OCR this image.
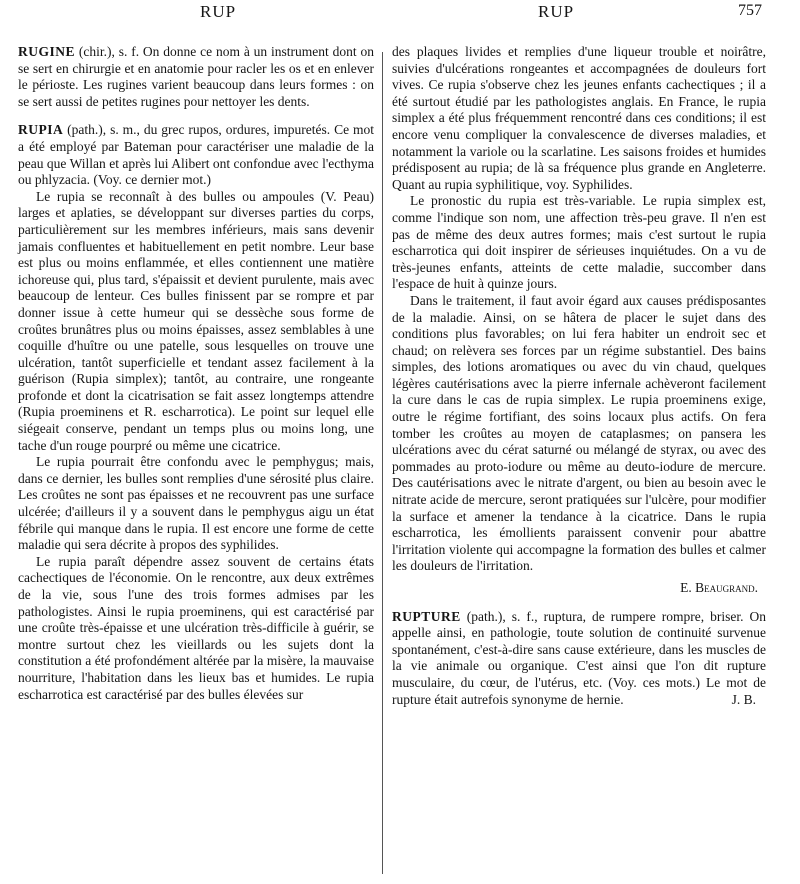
RUP	RUP	757

RUGINE (chir.), s. f. On donne ce nom à un instrument dont on se sert en chirurgie et en anatomie pour racler les os et en enlever le périoste. Les rugines varient beaucoup dans leurs formes : on se sert aussi de petites rugines pour nettoyer les dents.

RUPIA (path.), s. m., du grec rupos, ordures, impuretés. Ce mot a été employé par Bateman pour caractériser une maladie de la peau que Willan et après lui Alibert ont confondue avec l'ecthyma ou phlyzacia. (Voy. ce dernier mot.)

Le rupia se reconnaît à des bulles ou ampoules (V. Peau) larges et aplaties, se développant sur diverses parties du corps, particulièrement sur les membres inférieurs, mais sans devenir jamais confluentes et habituellement en petit nombre. Leur base est plus ou moins enflammée, et elles contiennent une matière ichoreuse qui, plus tard, s'épaissit et devient purulente, mais avec beaucoup de lenteur. Ces bulles finissent par se rompre et par donner issue à cette humeur qui se dessèche sous forme de croûtes brunâtres plus ou moins épaisses, assez semblables à une coquille d'huître ou une patelle, sous lesquelles on trouve une ulcération, tantôt superficielle et tendant assez facilement à la guérison (Rupia simplex); tantôt, au contraire, une rongeante profonde et dont la cicatrisation se fait assez longtemps attendre (Rupia proeminens et R. escharrotica). Le point sur lequel elle siégeait conserve, pendant un temps plus ou moins long, une tache d'un rouge pourpré ou même une cicatrice.

Le rupia pourrait être confondu avec le pemphygus; mais, dans ce dernier, les bulles sont remplies d'une sérosité plus claire. Les croûtes ne sont pas épaisses et ne recouvrent pas une surface ulcérée; d'ailleurs il y a souvent dans le pemphygus aigu un état fébrile qui manque dans le rupia. Il est encore une forme de cette maladie qui sera décrite à propos des syphilides.

Le rupia paraît dépendre assez souvent de certains états cachectiques de l'économie. On le rencontre, aux deux extrêmes de la vie, sous l'une des trois formes admises par les pathologistes. Ainsi le rupia proeminens, qui est caractérisé par une croûte très-épaisse et une ulcération très-difficile à guérir, se montre surtout chez les vieillards ou les sujets dont la constitution a été profondément altérée par la misère, la mauvaise nourriture, l'habitation dans les lieux bas et humides. Le rupia escharrotica est caractérisé par des bulles élevées sur

des plaques livides et remplies d'une liqueur trouble et noirâtre, suivies d'ulcérations rongeantes et accompagnées de douleurs fort vives. Ce rupia s'observe chez les jeunes enfants cachectiques ; il a été surtout étudié par les pathologistes anglais. En France, le rupia simplex a été plus fréquemment rencontré dans ces conditions; il est encore venu compliquer la convalescence de diverses maladies, et notamment la variole ou la scarlatine. Les saisons froides et humides prédisposent au rupia; de là sa fréquence plus grande en Angleterre. Quant au rupia syphilitique, voy. Syphilides.

Le pronostic du rupia est très-variable. Le rupia simplex est, comme l'indique son nom, une affection très-peu grave. Il n'en est pas de même des deux autres formes; mais c'est surtout le rupia escharrotica qui doit inspirer de sérieuses inquiétudes. On a vu de très-jeunes enfants, atteints de cette maladie, succomber dans l'espace de huit à quinze jours.

Dans le traitement, il faut avoir égard aux causes prédisposantes de la maladie. Ainsi, on se hâtera de placer le sujet dans des conditions plus favorables; on lui fera habiter un endroit sec et chaud; on relèvera ses forces par un régime substantiel. Des bains simples, des lotions aromatiques ou avec du vin chaud, quelques légères cautérisations avec la pierre infernale achèveront facilement la cure dans le cas de rupia simplex. Le rupia proeminens exige, outre le régime fortifiant, des soins locaux plus actifs. On fera tomber les croûtes au moyen de cataplasmes; on pansera les ulcérations avec du cérat saturné ou mélangé de styrax, ou avec des pommades au proto-iodure ou même au deuto-iodure de mercure. Des cautérisations avec le nitrate d'argent, ou bien au besoin avec le nitrate acide de mercure, seront pratiquées sur l'ulcère, pour modifier la surface et amener la tendance à la cicatrice. Dans le rupia escharrotica, les émollients paraissent convenir pour abattre l'irritation violente qui accompagne la formation des bulles et calmer les douleurs de l'irritation.

E. Beaugrand.

RUPTURE (path.), s. f., ruptura, de rumpere rompre, briser. On appelle ainsi, en pathologie, toute solution de continuité survenue spontanément, c'est-à-dire sans cause extérieure, dans les muscles de la vie animale ou organique. C'est ainsi que l'on dit rupture musculaire, du cœur, de l'utérus, etc. (Voy. ces mots.) Le mot de rupture était autrefois synonyme de hernie.	J. B.
